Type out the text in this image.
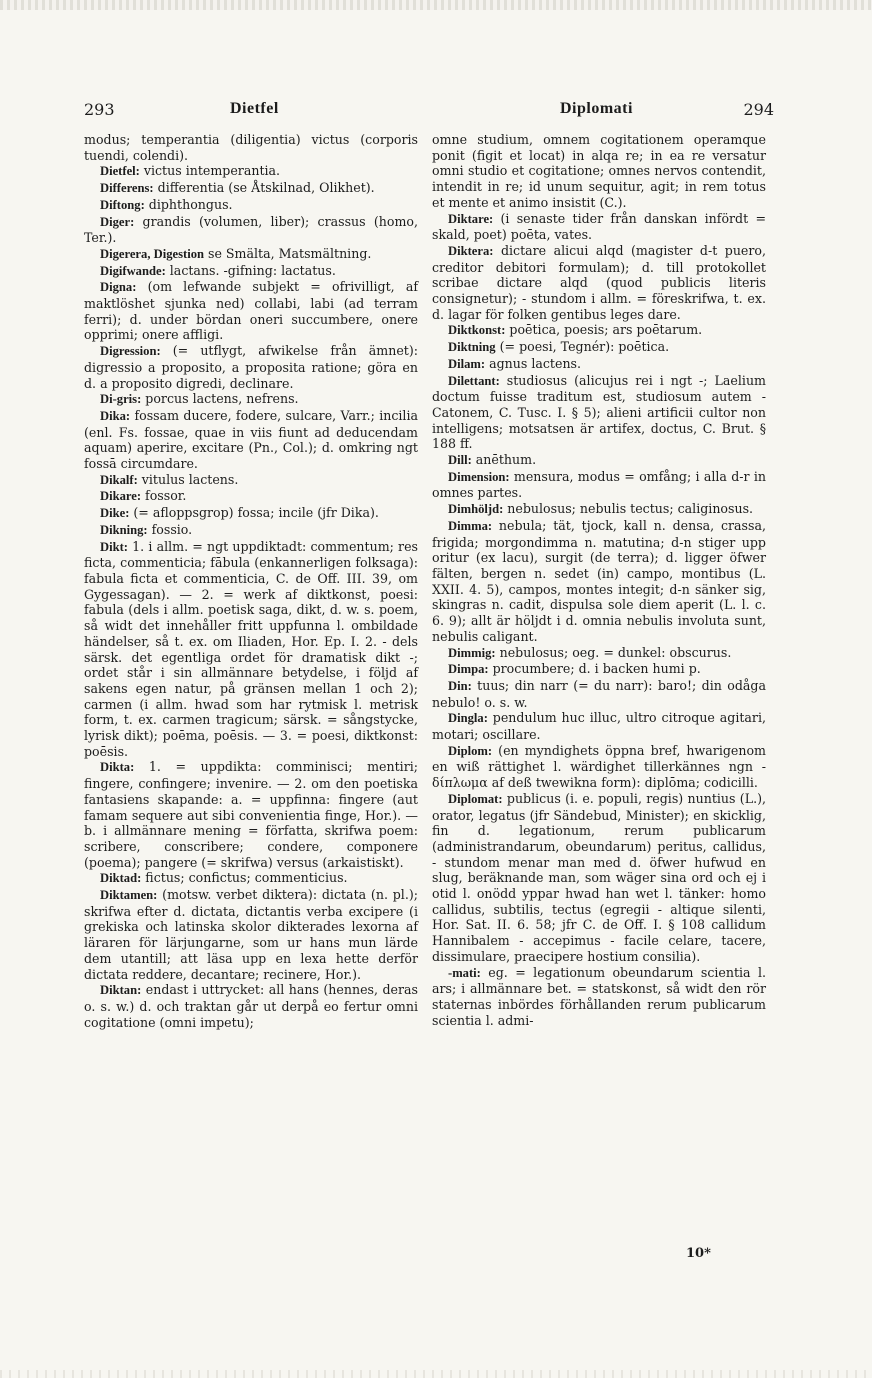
293	Dietfel	Diplomati	294

modus; temperantia (diligentia) victus (corporis tuendi, colendi).

Dietfel: victus intemperantia.

Differens: differentia (se Åtskilnad, Olikhet).

Diftong: diphthongus.

Diger: grandis (volumen, liber); crassus (homo, Ter.).

Digerera, Digestion se Smälta, Matsmältning.

Digifwande: lactans. -gifning: lactatus.

Digna: (om lefwande subjekt = ofrivilligt, af maktlöshet sjunka ned) collabi, labi (ad terram ferri); d. under bördan oneri succumbere, onere opprimi; onere affligi.

Digression: (= utflygt, afwikelse från ämnet): digressio a proposito, a proposita ratione; göra en d. a proposito digredi, declinare.

Di-gris: porcus lactens, nefrens.

Dika: fossam ducere, fodere, sulcare, Varr.; incilia (enl. Fs. fossae, quae in viis fiunt ad deducendam aquam) aperire, excitare (Pn., Col.); d. omkring ngt fossā circumdare.

Dikalf: vitulus lactens.

Dikare: fossor.

Dike: (= afloppsgrop) fossa; incile (jfr Dika).

Dikning: fossio.

Dikt: 1. i allm. = ngt uppdiktadt: commentum; res ficta, commenticia; fābula (enkannerligen folksaga): fabula ficta et commenticia, C. de Off. III. 39, om Gygessagan). — 2. = werk af diktkonst, poesi: fabula (dels i allm. poetisk saga, dikt, d. w. s. poem, så widt det innehåller fritt uppfunna l. ombildade händelser, så t. ex. om Iliaden, Hor. Ep. I. 2. - dels särsk. det egentliga ordet för dramatisk dikt -; ordet står i sin allmännare betydelse, i följd af sakens egen natur, på gränsen mellan 1 och 2); carmen (i allm. hwad som har rytmisk l. metrisk form, t. ex. carmen tragicum; särsk. = sångstycke, lyrisk dikt); poēma, poēsis. — 3. = poesi, diktkonst: poēsis.

Dikta: 1. = uppdikta: comminisci; mentiri; fingere, confingere; invenire. — 2. om den poetiska fantasiens skapande: a. = uppfinna: fingere (aut famam sequere aut sibi convenientia finge, Hor.). —b. i allmännare mening = författa, skrifwa poem: scribere, conscribere; condere, componere (poema); pangere (= skrifwa) versus (arkaistiskt).

Diktad: fictus; confictus; commenticius.

Diktamen: (motsw. verbet diktera): dictata (n. pl.); skrifwa efter d. dictata, dictantis verba excipere (i grekiska och latinska skolor dikterades lexorna af läraren för lärjungarne, som ur hans mun lärde dem utantill; att läsa upp en lexa hette derför dictata reddere, decantare; recinere, Hor.).

Diktan: endast i uttrycket: all hans (hennes, deras o. s. w.) d. och traktan går ut derpå eo fertur omni cogitatione (omni impetu);

omne studium, omnem cogitationem operamque ponit (figit et locat) in alqa re; in ea re versatur omni studio et cogitatione; omnes nervos contendit, intendit in re; id unum sequitur, agit; in rem totus et mente et animo insistit (C.).

Diktare: (i senaste tider från danskan infördt = skald, poet) poēta, vates.

Diktera: dictare alicui alqd (magister d-t puero, creditor debitori formulam); d. till protokollet scribae dictare alqd (quod publicis literis consignetur); - stundom i allm. = föreskrifwa, t. ex. d. lagar för folken gentibus leges dare.

Diktkonst: poētica, poesis; ars poētarum.

Diktning (= poesi, Tegnér): poētica.

Dilam: agnus lactens.

Dilettant: studiosus (alicujus rei i ngt -; Laelium doctum fuisse traditum est, studiosum autem - Catonem, C. Tusc. I. § 5); alieni artificii cultor non intelligens; motsatsen är artifex, doctus, C. Brut. § 188 ff.

Dill: anēthum.

Dimension: mensura, modus = omfång; i alla d-r in omnes partes.

Dimhöljd: nebulosus; nebulis tectus; caliginosus.

Dimma: nebula; tät, tjock, kall n. densa, crassa, frigida; morgondimma n. matutina; d-n stiger upp oritur (ex lacu), surgit (de terra); d. ligger öfwer fälten, bergen n. sedet (in) campo, montibus (L. XXII. 4. 5), campos, montes integit; d-n sänker sig, skingras n. cadit, dispulsa sole diem aperit (L. l. c. 6. 9); allt är höljdt i d. omnia nebulis involuta sunt, nebulis caligant.

Dimmig: nebulosus; oeg. = dunkel: obscurus.

Dimpa: procumbere; d. i backen humi p.

Din: tuus; din narr (= du narr): baro!; din odåga nebulo! o. s. w.

Dingla: pendulum huc illuc, ultro citroque agitari, motari; oscillare.

Diplom: (en myndighets öppna bref, hwarigenom en wiß rättighet l. wärdighet tillerkännes ngn - δίπλωμα af deß twewikna form): diplōma; codicilli.

Diplomat: publicus (i. e. populi, regis) nuntius (L.), orator, legatus (jfr Sändebud, Minister); en skicklig, fin d. legationum, rerum publicarum (administrandarum, obeundarum) peritus, callidus, - stundom menar man med d. öfwer hufwud en slug, beräknande man, som wäger sina ord och ej i otid l. onödd yppar hwad han wet l. tänker: homo callidus, subtilis, tectus (egregii - altique silenti, Hor. Sat. II. 6. 58; jfr C. de Off. I. § 108 callidum Hannibalem - accepimus - facile celare, tacere, dissimulare, praecipere hostium consilia).

-mati: eg. = legationum obeundarum scientia l. ars; i allmännare bet. = statskonst, så widt den rör staternas inbördes förhållanden rerum publicarum scientia l. admi-

10*
